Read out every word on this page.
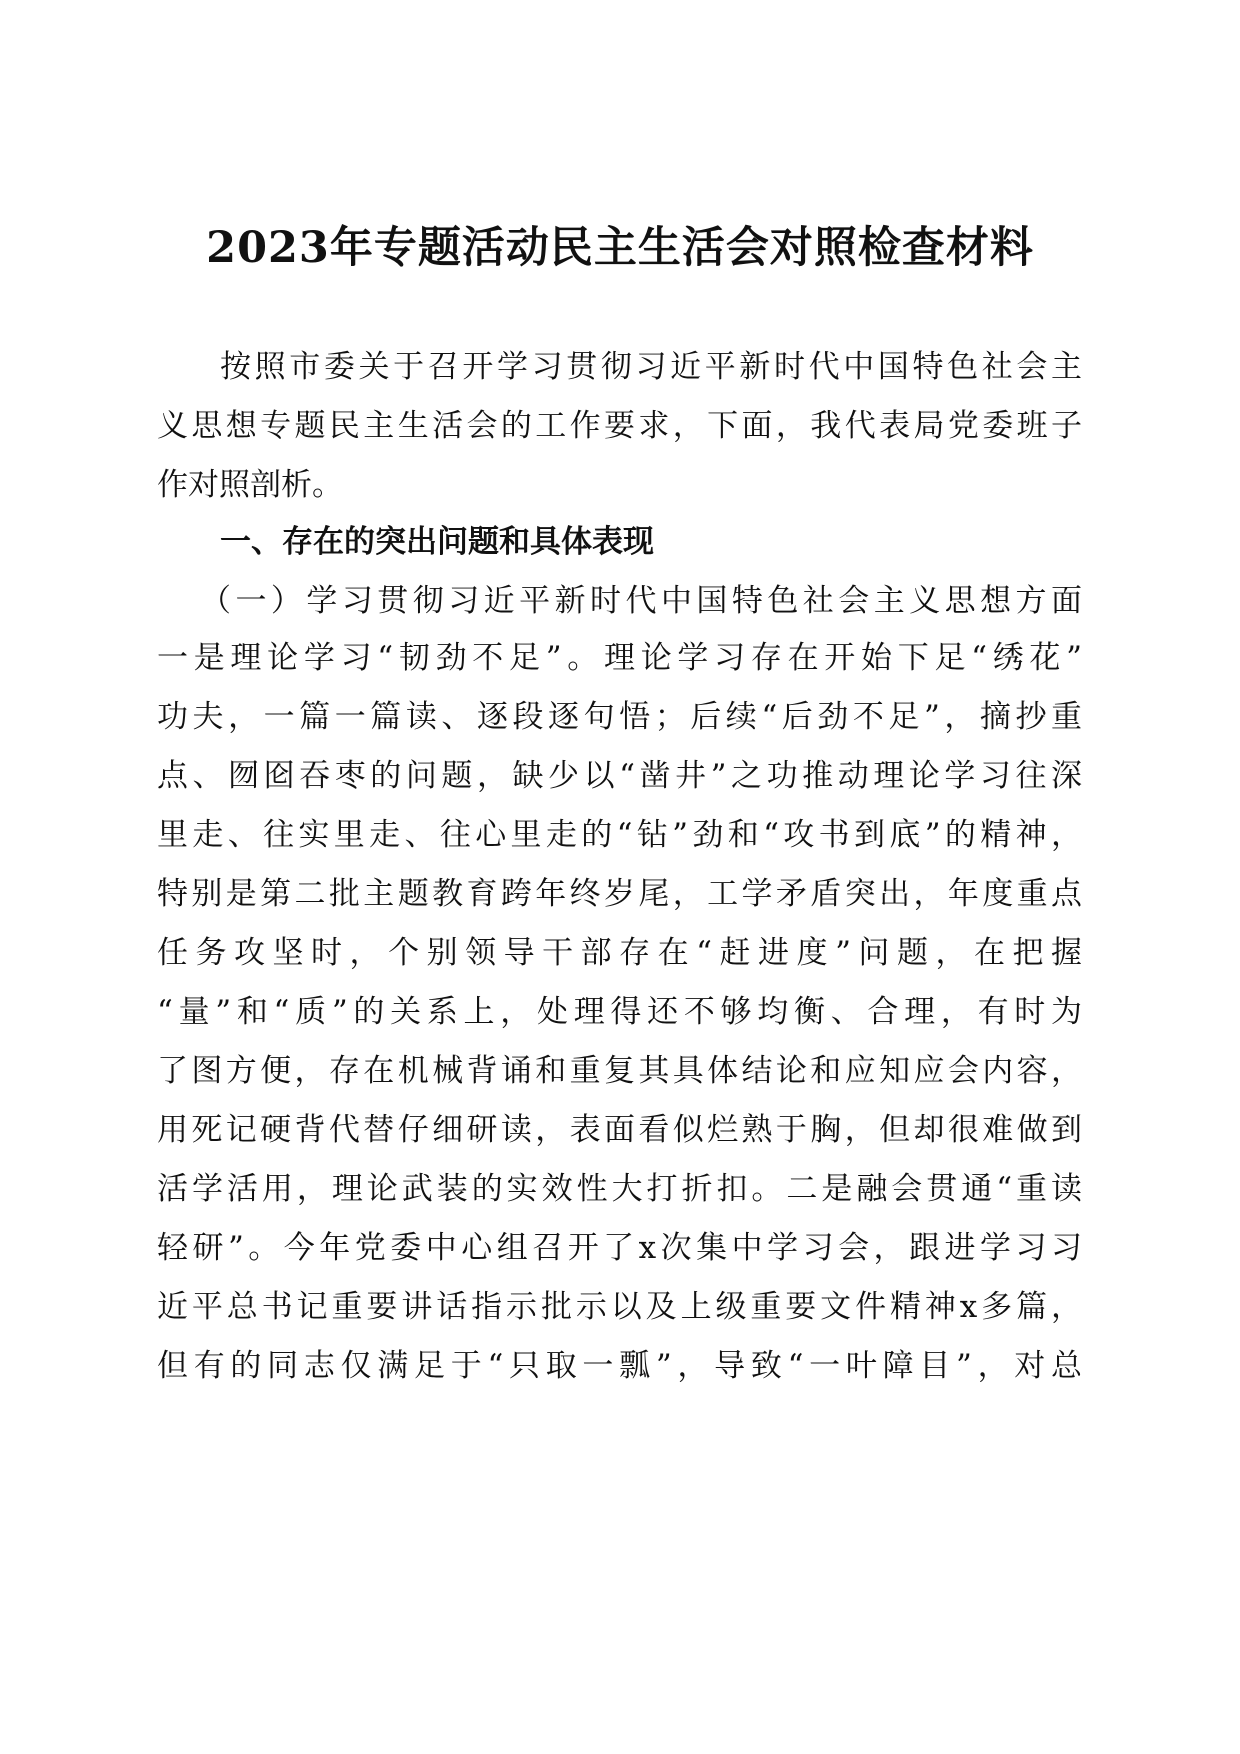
2023年专题活动民主生活会对照检查材料
按照市委关于召开学习贯彻习近平新时代中国特色社会主
义思想专题民主生活会的工作要求，下面，我代表局党委班子
作对照剖析。
一、存在的突出问题和具体表现
（一）学习贯彻习近平新时代中国特色社会主义思想方面
一是理论学习“韧劲不足”。理论学习存在开始下足“绣花”
功夫，一篇一篇读、逐段逐句悟；后续“后劲不足”，摘抄重
点、囫囵吞枣的问题，缺少以“凿井”之功推动理论学习往深
里走、往实里走、往心里走的“钻”劲和“攻书到底”的精神，
特别是第二批主题教育跨年终岁尾，工学矛盾突出，年度重点
任务攻坚时，个别领导干部存在“赶进度”问题，在把握
“量”和“质”的关系上，处理得还不够均衡、合理，有时为
了图方便，存在机械背诵和重复其具体结论和应知应会内容，
用死记硬背代替仔细研读，表面看似烂熟于胸，但却很难做到
活学活用，理论武装的实效性大打折扣。二是融会贯通“重读
轻研”。今年党委中心组召开了x次集中学习会，跟进学习习
近平总书记重要讲话指示批示以及上级重要文件精神x多篇，
但有的同志仅满足于“只取一瓢”，导致“一叶障目”，对总
